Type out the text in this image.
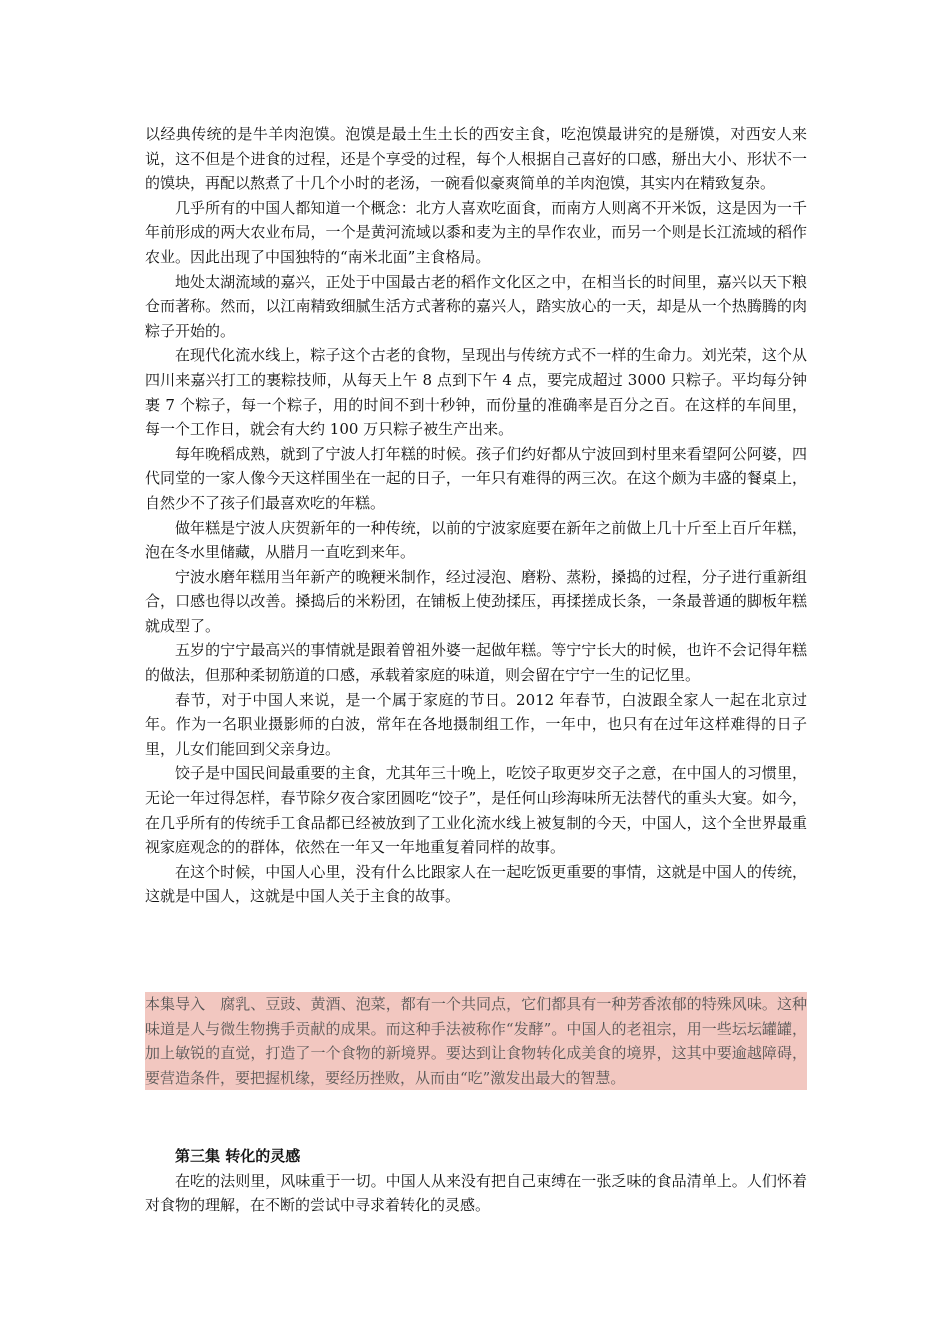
以经典传统的是牛羊肉泡馍。泡馍是最土生土长的西安主食，吃泡馍最讲究的是掰馍，对西安人来说，这不但是个进食的过程，还是个享受的过程，每个人根据自己喜好的口感，掰出大小、形状不一的馍块，再配以熬煮了十几个小时的老汤，一碗看似豪爽简单的羊肉泡馍，其实内在精致复杂。

几乎所有的中国人都知道一个概念：北方人喜欢吃面食，而南方人则离不开米饭，这是因为一千年前形成的两大农业布局，一个是黄河流域以黍和麦为主的旱作农业，而另一个则是长江流域的稻作农业。因此出现了中国独特的“南米北面”主食格局。

地处太湖流域的嘉兴，正处于中国最古老的稻作文化区之中，在相当长的时间里，嘉兴以天下粮仓而著称。然而，以江南精致细腻生活方式著称的嘉兴人，踏实放心的一天，却是从一个热腾腾的肉粽子开始的。

在现代化流水线上，粽子这个古老的食物，呈现出与传统方式不一样的生命力。刘光荣，这个从四川来嘉兴打工的裹粽技师，从每天上午 8 点到下午 4 点，要完成超过 3000 只粽子。平均每分钟裹 7 个粽子，每一个粽子，用的时间不到十秒钟，而份量的准确率是百分之百。在这样的车间里，每一个工作日，就会有大约 100 万只粽子被生产出来。

每年晚稻成熟，就到了宁波人打年糕的时候。孩子们约好都从宁波回到村里来看望阿公阿婆，四代同堂的一家人像今天这样围坐在一起的日子，一年只有难得的两三次。在这个颇为丰盛的餐桌上，自然少不了孩子们最喜欢吃的年糕。

做年糕是宁波人庆贺新年的一种传统，以前的宁波家庭要在新年之前做上几十斤至上百斤年糕，泡在冬水里储藏，从腊月一直吃到来年。

宁波水磨年糕用当年新产的晚粳米制作，经过浸泡、磨粉、蒸粉，搡捣的过程，分子进行重新组合，口感也得以改善。搡捣后的米粉团，在铺板上使劲揉压，再揉搓成长条，一条最普通的脚板年糕就成型了。

五岁的宁宁最高兴的事情就是跟着曾祖外婆一起做年糕。等宁宁长大的时候，也许不会记得年糕的做法，但那种柔韧筋道的口感，承载着家庭的味道，则会留在宁宁一生的记忆里。

春节，对于中国人来说，是一个属于家庭的节日。2012 年春节，白波跟全家人一起在北京过年。作为一名职业摄影师的白波，常年在各地摄制组工作，一年中，也只有在过年这样难得的日子里，儿女们能回到父亲身边。

饺子是中国民间最重要的主食，尤其年三十晚上，吃饺子取更岁交子之意，在中国人的习惯里，无论一年过得怎样，春节除夕夜合家团圆吃“饺子”，是任何山珍海味所无法替代的重头大宴。如今，在几乎所有的传统手工食品都已经被放到了工业化流水线上被复制的今天，中国人，这个全世界最重视家庭观念的的群体，依然在一年又一年地重复着同样的故事。

在这个时候，中国人心里，没有什么比跟家人在一起吃饭更重要的事情，这就是中国人的传统，这就是中国人，这就是中国人关于主食的故事。

本集导入 腐乳、豆豉、黄酒、泡菜，都有一个共同点，它们都具有一种芳香浓郁的特殊风味。这种味道是人与微生物携手贡献的成果。而这种手法被称作“发酵”。中国人的老祖宗，用一些坛坛罐罐，加上敏锐的直觉，打造了一个食物的新境界。要达到让食物转化成美食的境界，这其中要逾越障碍，要营造条件，要把握机缘，要经历挫败，从而由“吃”激发出最大的智慧。

第三集 转化的灵感

在吃的法则里，风味重于一切。中国人从来没有把自己束缚在一张乏味的食品清单上。人们怀着对食物的理解，在不断的尝试中寻求着转化的灵感。
